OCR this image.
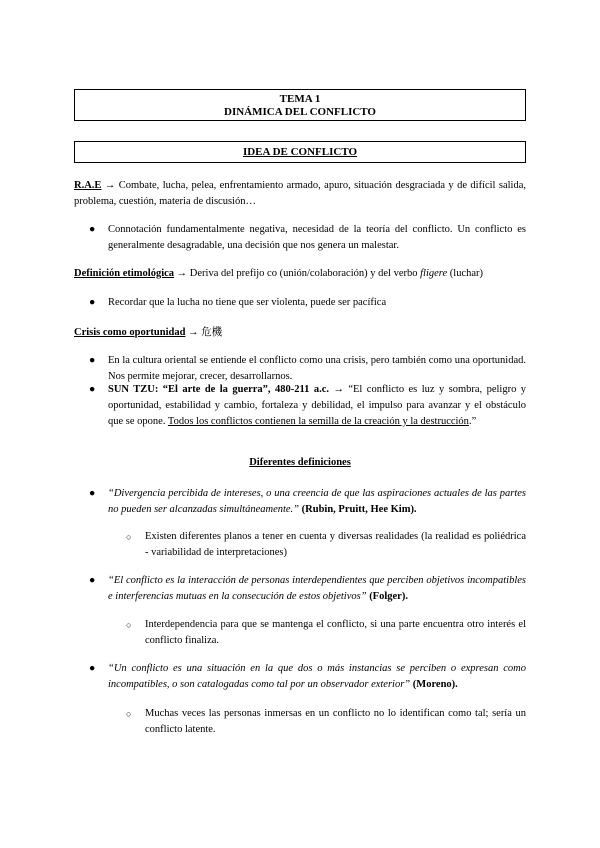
TEMA 1
DINÁMICA DEL CONFLICTO
IDEA DE CONFLICTO
R.A.E → Combate, lucha, pelea, enfrentamiento armado, apuro, situación desgraciada y de difícil salida, problema, cuestión, materia de discusión…
● Connotación fundamentalmente negativa, necesidad de la teoría del conflicto. Un conflicto es generalmente desagradable, una decisión que nos genera un malestar.
Definición etimológica → Deriva del prefijo co (unión/colaboración) y del verbo fligere (luchar)
● Recordar que la lucha no tiene que ser violenta, puede ser pacífica
Crisis como oportunidad → 危機
● En la cultura oriental se entiende el conflicto como una crisis, pero también como una oportunidad. Nos permite mejorar, crecer, desarrollarnos.
● SUN TZU: “El arte de la guerra”, 480-211 a.c. → “El conflicto es luz y sombra, peligro y oportunidad, estabilidad y cambio, fortaleza y debilidad, el impulso para avanzar y el obstáculo que se opone. Todos los conflictos contienen la semilla de la creación y la destrucción.”
Diferentes definiciones
● “Divergencia percibida de intereses, o una creencia de que las aspiraciones actuales de las partes no pueden ser alcanzadas simultáneamente.” (Rubin, Pruitt, Hee Kim).
○ Existen diferentes planos a tener en cuenta y diversas realidades (la realidad es poliédrica - variabilidad de interpretaciones)
● “El conflicto es la interacción de personas interdependientes que perciben objetivos incompatibles e interferencias mutuas en la consecución de estos objetivos” (Folger).
○ Interdependencia para que se mantenga el conflicto, si una parte encuentra otro interés el conflicto finaliza.
● “Un conflicto es una situación en la que dos o más instancias se perciben o expresan como incompatibles, o son catalogadas como tal por un observador exterior” (Moreno).
○ Muchas veces las personas inmersas en un conflicto no lo identifican como tal; sería un conflicto latente.
